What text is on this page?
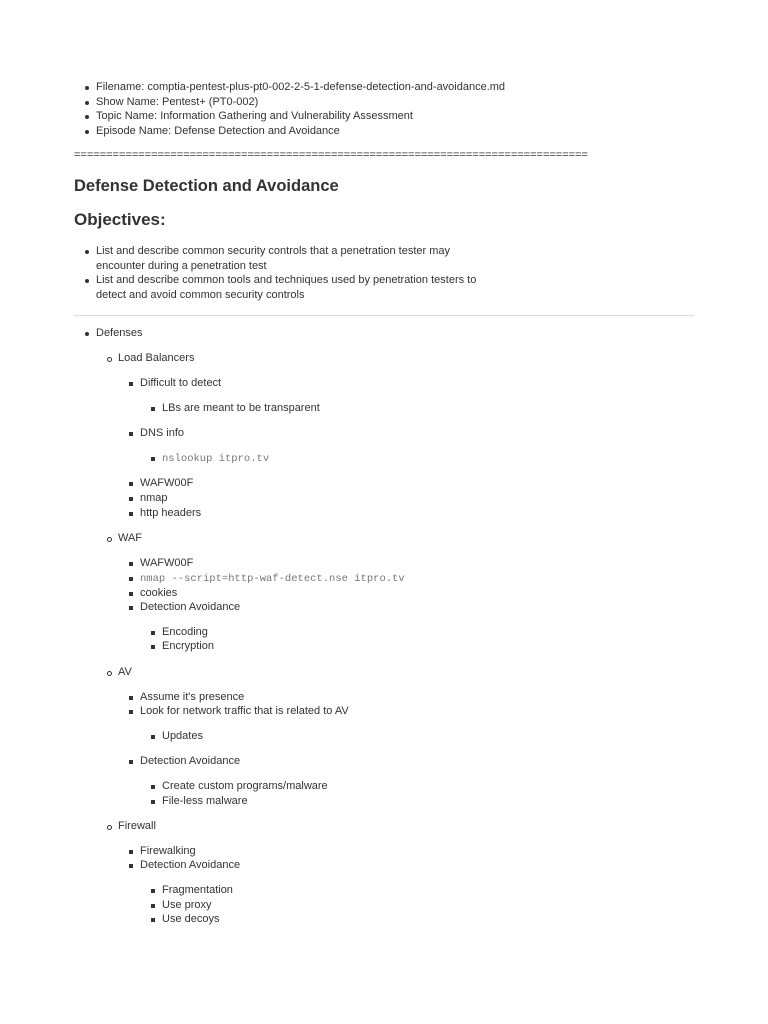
Filename: comptia-pentest-plus-pt0-002-2-5-1-defense-detection-and-avoidance.md
Show Name: Pentest+ (PT0-002)
Topic Name: Information Gathering and Vulnerability Assessment
Episode Name: Defense Detection and Avoidance
================================================================================
Defense Detection and Avoidance
Objectives:
List and describe common security controls that a penetration tester may encounter during a penetration test
List and describe common tools and techniques used by penetration testers to detect and avoid common security controls
Defenses
Load Balancers
Difficult to detect
LBs are meant to be transparent
DNS info
nslookup itpro.tv
WAFW00F
nmap
http headers
WAF
WAFW00F
nmap --script=http-waf-detect.nse itpro.tv
cookies
Detection Avoidance
Encoding
Encryption
AV
Assume it's presence
Look for network traffic that is related to AV
Updates
Detection Avoidance
Create custom programs/malware
File-less malware
Firewall
Firewalking
Detection Avoidance
Fragmentation
Use proxy
Use decoys
